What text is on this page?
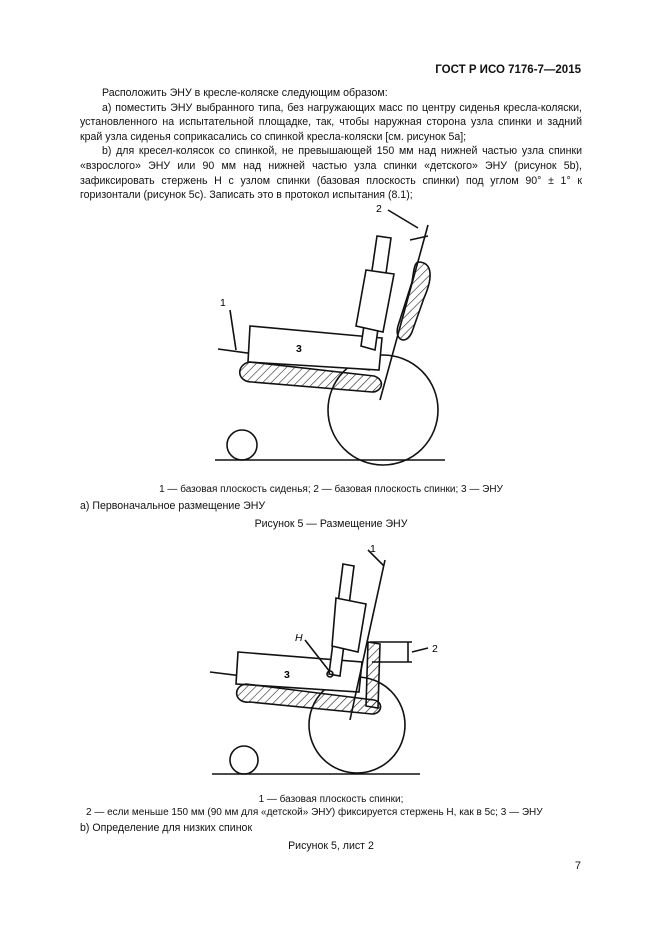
ГОСТ Р ИСО 7176-7—2015

Расположить ЭНУ в кресле-коляске следующим образом:

a) поместить ЭНУ выбранного типа, без нагружающих масс по центру сиденья кресла-коляски, установленного на испытательной площадке, так, чтобы наружная сторона узла спинки и задний край узла сиденья соприкасались со спинкой кресла-коляски [см. рисунок 5a];

b) для кресел-колясок со спинкой, не превышающей 150 мм над нижней частью узла спинки «взрослого» ЭНУ или 90 мм над нижней частью узла спинки «детского» ЭНУ (рисунок 5b), зафиксировать стержень H с узлом спинки (базовая плоскость спинки) под углом 90° ± 1° к горизонтали (рисунок 5c). Записать это в протокол испытания (8.1);

1
2
3
1 — базовая плоскость сиденья; 2 — базовая плоскость спинки; 3 — ЭНУ
a) Первоначальное размещение ЭНУ
Рисунок 5 — Размещение ЭНУ
1
2
3
H
1 — базовая плоскость спинки;
2 — если меньше 150 мм (90 мм для «детской» ЭНУ) фиксируется стержень H, как в 5c; 3 — ЭНУ
b) Определение для низких спинок
Рисунок 5, лист 2
7
